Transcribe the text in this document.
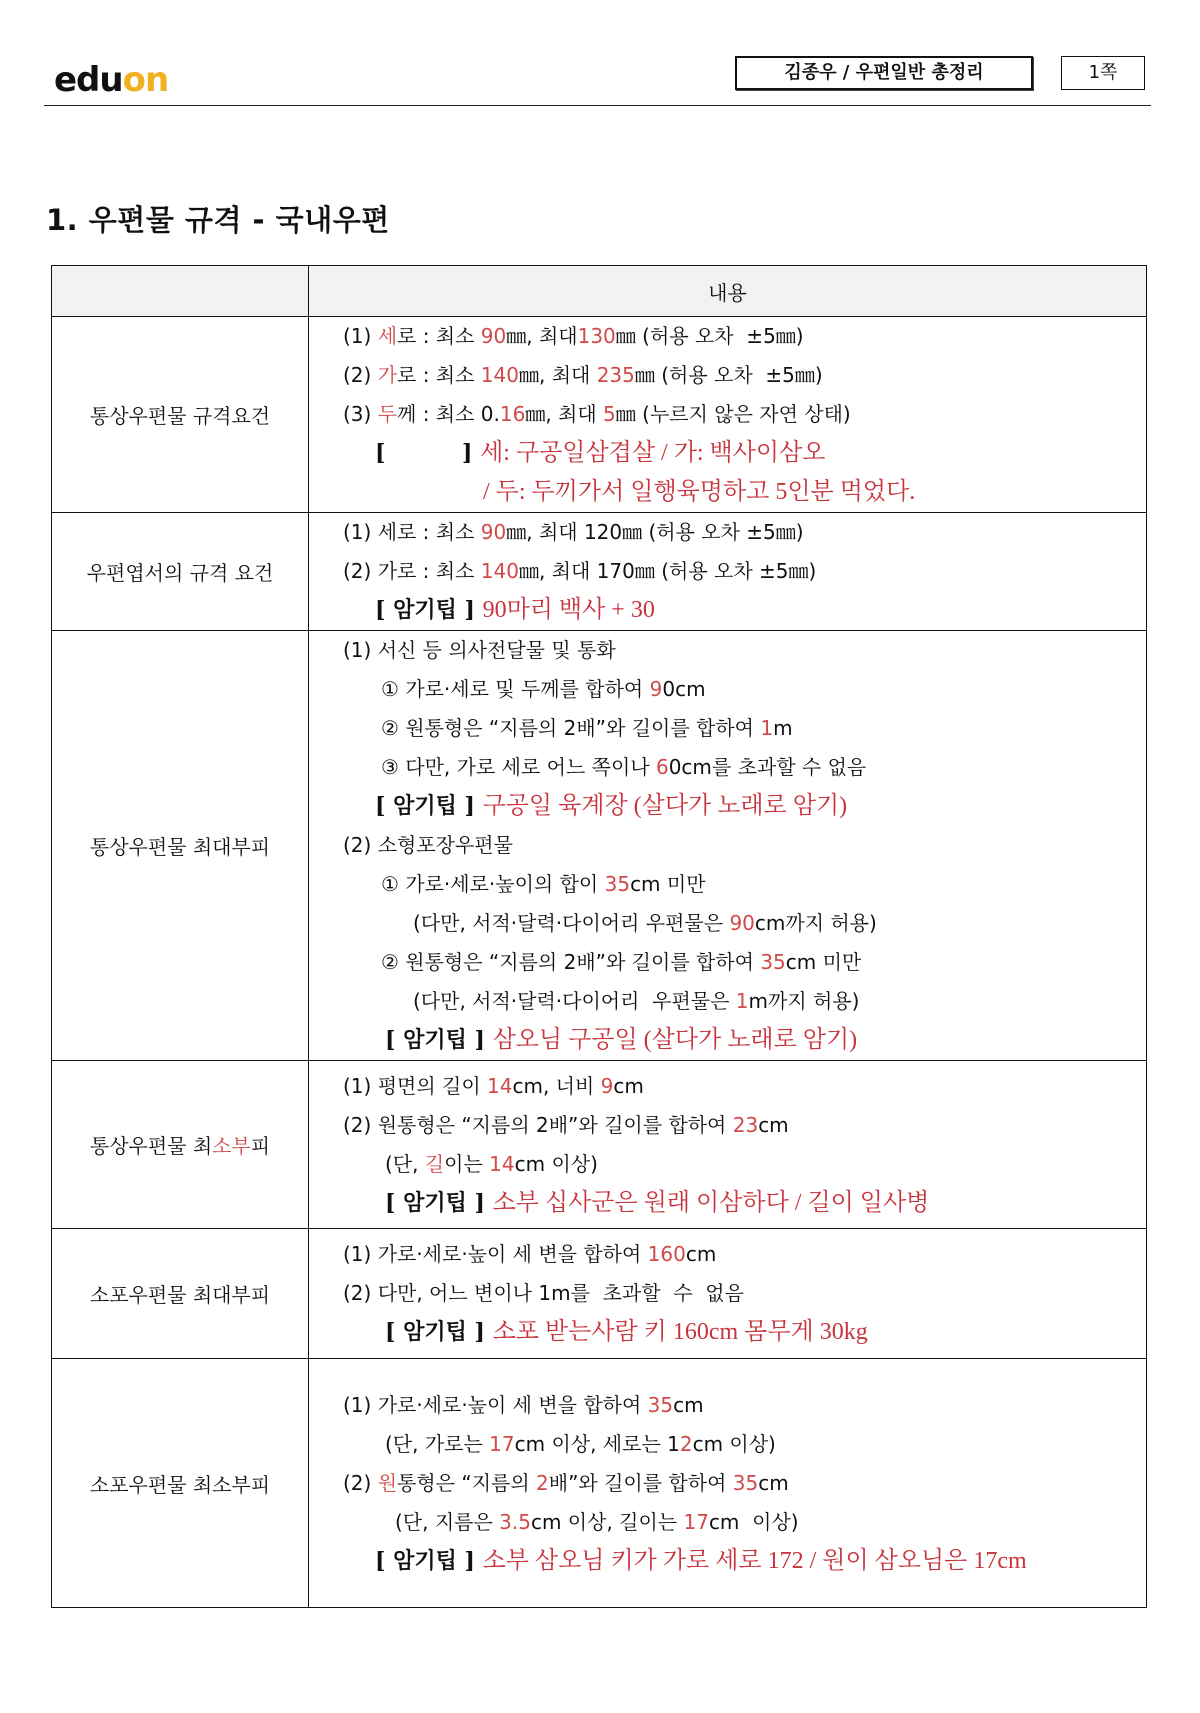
eduon	김종우 / 우편일반 총정리	1쪽
1. 우편물 규격 - 국내우편
	내용
통상우편물 규격요건	(1) 세로 : 최소 90㎜, 최대130㎜ (허용 오차  ±5㎜)
(2) 가로 : 최소 140㎜, 최대 235㎜ (허용 오차  ±5㎜)
(3) 두께 : 최소 0.16㎜, 최대 5㎜ (누르지 않은 자연 상태)
[          ] 세: 구공일삼겹살 / 가: 백사이삼오
/ 두: 두끼가서 일행육명하고 5인분 먹었다.

우편엽서의 규격 요건	(1) 세로 : 최소 90㎜, 최대 120㎜ (허용 오차 ±5㎜)
(2) 가로 : 최소 140㎜, 최대 170㎜ (허용 오차 ±5㎜)
[ 암기팁 ] 90마리 백사 + 30

통상우편물 최대부피	
(1) 서신 등 의사전달물 및 통화
① 가로·세로 및 두께를 합하여 90cm
② 원통형은 “지름의 2배”와 길이를 합하여 1m
③ 다만, 가로 세로 어느 쪽이나 60cm를 초과할 수 없음
[ 암기팁 ] 구공일 육계장 (살다가 노래로 암기)
(2) 소형포장우편물
① 가로·세로·높이의 합이 35cm 미만
(다만, 서적·달력·다이어리 우편물은 90cm까지 허용)
② 원통형은 “지름의 2배”와 길이를 합하여 35cm 미만
(다만, 서적·달력·다이어리  우편물은 1m까지 허용)
[ 암기팁 ] 삼오님 구공일 (살다가 노래로 암기)

통상우편물 최소부피	(1) 평면의 길이 14cm, 너비 9cm
(2) 원통형은 “지름의 2배”와 길이를 합하여 23cm
(단, 길이는 14cm 이상)
[ 암기팁 ] 소부 십사군은 원래 이삼하다 / 길이 일사병

소포우편물 최대부피	(1) 가로·세로·높이 세 변을 합하여 160cm
(2) 다만, 어느 변이나 1m를  초과할  수  없음
[ 암기팁 ] 소포 받는사람 키 160cm 몸무게 30kg

소포우편물 최소부피	(1) 가로·세로·높이 세 변을 합하여 35cm
(단, 가로는 17cm 이상, 세로는 12cm 이상)
(2) 원통형은 “지름의 2배”와 길이를 합하여 35cm
(단, 지름은 3.5cm 이상, 길이는 17cm  이상)
[ 암기팁 ] 소부 삼오님 키가 가로 세로 172 / 원이 삼오님은 17cm
